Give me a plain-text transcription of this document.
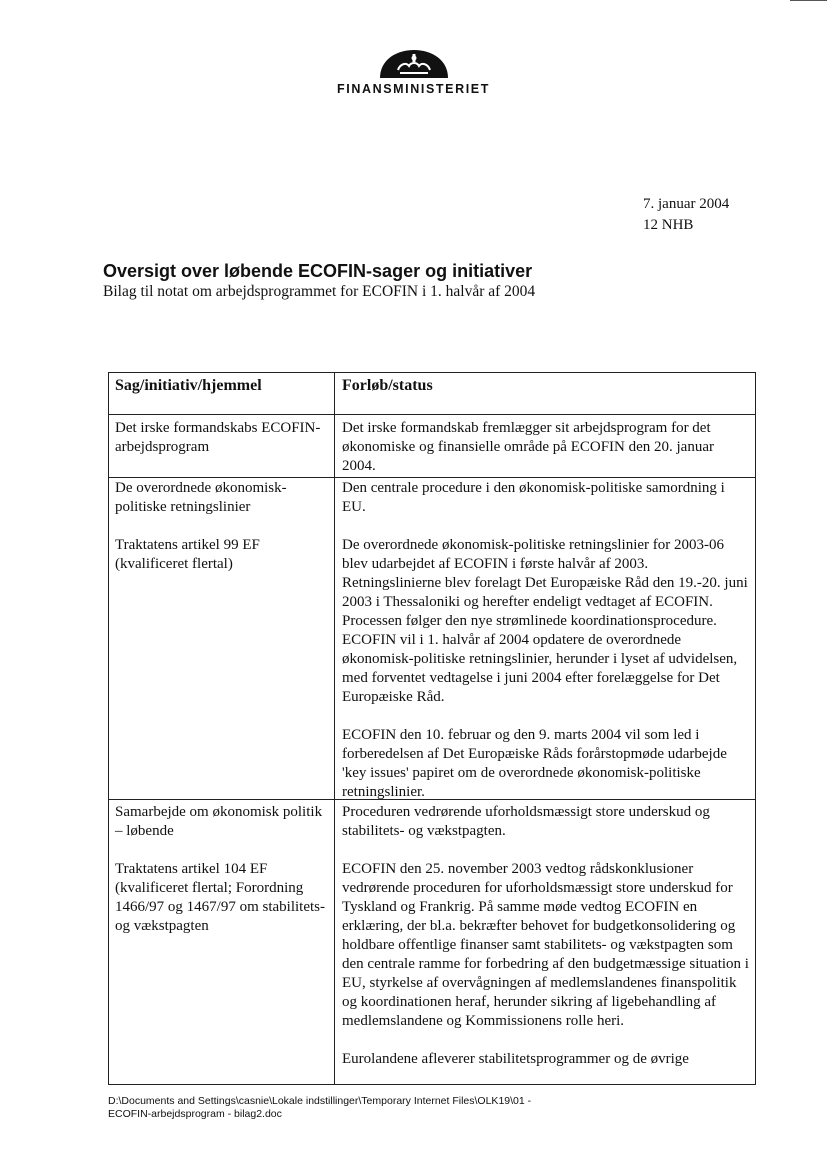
FINANSMINISTERIET
7. januar 2004
12 NHB
Oversigt over løbende ECOFIN-sager og initiativer
Bilag til notat om arbejdsprogrammet for ECOFIN i 1. halvår af 2004
Sag/initiativ/hjemmel	Forløb/status

Det irske formandskabs ECOFIN-arbejdsprogram

Det irske formandskab fremlægger sit arbejdsprogram for det økonomiske og finansielle område på ECOFIN den 20. januar 2004.

De overordnede økonomisk-politiske retningslinier

Traktatens artikel 99 EF (kvalificeret flertal)

Den centrale procedure i den økonomisk-politiske samordning i EU.

De overordnede økonomisk-politiske retningslinier for 2003-06 blev udarbejdet af ECOFIN i første halvår af 2003. Retningslinierne blev forelagt Det Europæiske Råd den 19.-20. juni 2003 i Thessaloniki og herefter endeligt vedtaget af ECOFIN. Processen følger den nye strømlinede koordinationsprocedure. ECOFIN vil i 1. halvår af 2004 opdatere de overordnede økonomisk-politiske retningslinier, herunder i lyset af udvidelsen, med forventet vedtagelse i juni 2004 efter forelæggelse for Det Europæiske Råd.

ECOFIN den 10. februar og den 9. marts 2004 vil som led i forberedelsen af Det Europæiske Råds forårstopmøde udarbejde 'key issues' papiret om de overordnede økonomisk-politiske retningslinier.

Samarbejde om økonomisk politik – løbende

Traktatens artikel 104 EF (kvalificeret flertal; Forordning 1466/97 og 1467/97 om stabilitets- og vækstpagten

Proceduren vedrørende uforholdsmæssigt store underskud og stabilitets- og vækstpagten.

ECOFIN den 25. november 2003 vedtog rådskonklusioner vedrørende proceduren for uforholdsmæssigt store underskud for Tyskland og Frankrig. På samme møde vedtog ECOFIN en erklæring, der bl.a. bekræfter behovet for budgetkonsolidering og holdbare offentlige finanser samt stabilitets- og vækstpagten som den centrale ramme for forbedring af den budgetmæssige situation i EU, styrkelse af overvågningen af medlemslandenes finanspolitik og koordinationen heraf, herunder sikring af ligebehandling af medlemslandene og Kommissionens rolle heri.

Eurolandene afleverer stabilitetsprogrammer og de øvrige

D:\Documents and Settings\casnie\Lokale indstillinger\Temporary Internet Files\OLK19\01 -
ECOFIN-arbejdsprogram - bilag2.doc
